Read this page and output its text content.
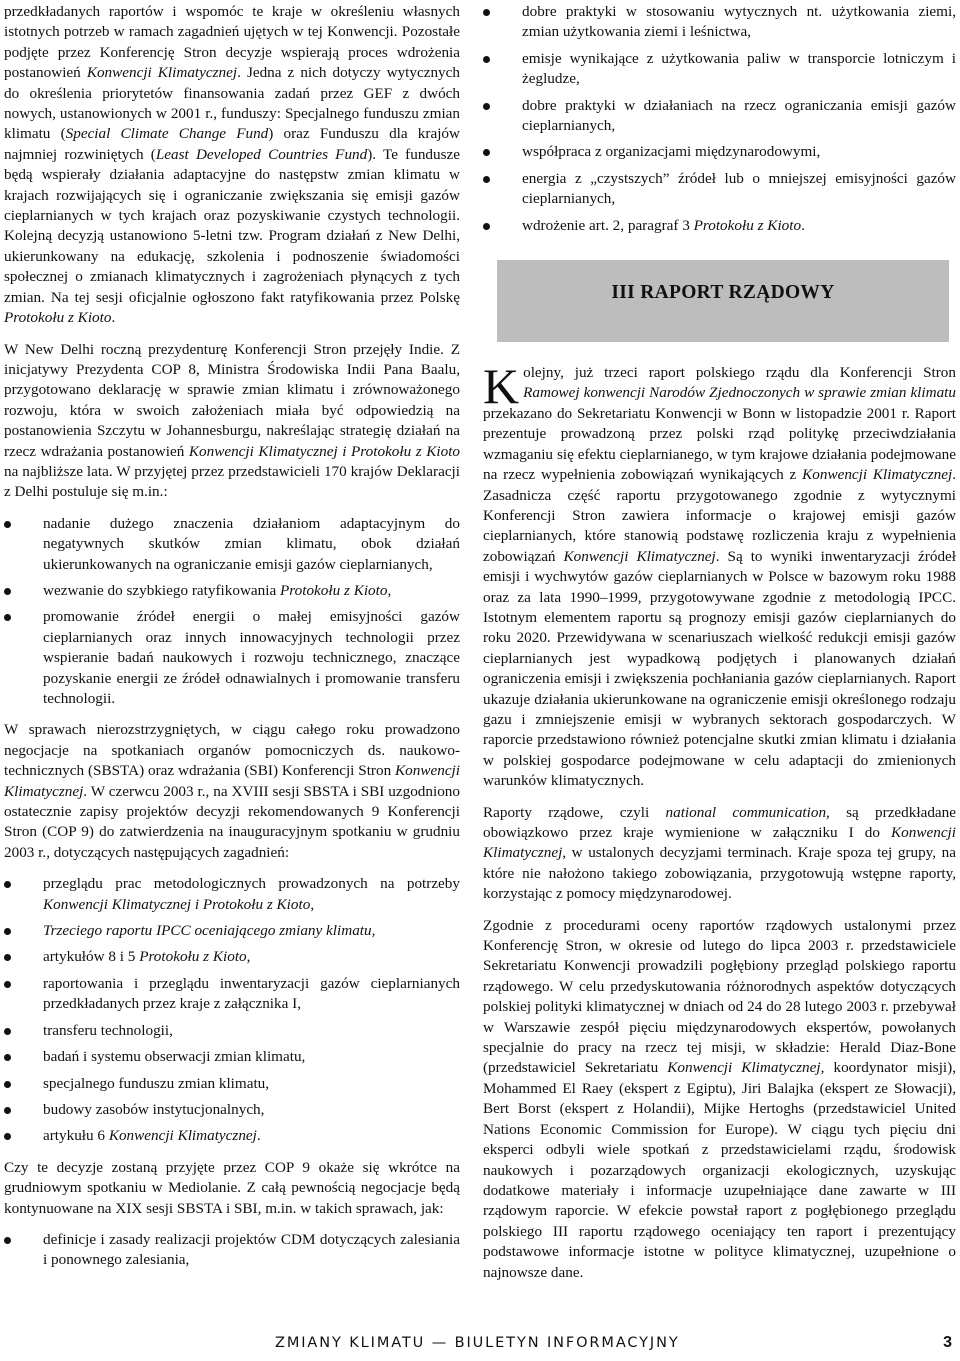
przedkładanych raportów i wspomóc te kraje w określeniu własnych istotnych potrzeb w ramach zagadnień ujętych w tej Konwencji. Pozostałe podjęte przez Konferencję Stron decyzje wspierają proces wdrożenia postanowień Konwencji Klimatycznej. Jedna z nich dotyczy wytycznych do określenia priorytetów finansowania zadań przez GEF z dwóch nowych, ustanowionych w 2001 r., funduszy: Specjalnego funduszu zmian klimatu (Special Climate Change Fund) oraz Funduszu dla krajów najmniej rozwiniętych (Least Developed Countries Fund). Te fundusze będą wspierały działania adaptacyjne do następstw zmian klimatu w krajach rozwijających się i ograniczanie zwiększania się emisji gazów cieplarnianych w tych krajach oraz pozyskiwanie czystych technologii. Kolejną decyzją ustanowiono 5-letni tzw. Program działań z New Delhi, ukierunkowany na edukację, szkolenia i podnoszenie świadomości społecznej o zmianach klimatycznych i zagrożeniach płynących z tych zmian. Na tej sesji oficjalnie ogłoszono fakt ratyfikowania przez Polskę Protokołu z Kioto.

W New Delhi roczną prezydenturę Konferencji Stron przejęły Indie. Z inicjatywy Prezydenta COP 8, Ministra Środowiska Indii Pana Baalu, przygotowano deklarację w sprawie zmian klimatu i zrównoważonego rozwoju, która w swoich założeniach miała być odpowiedzią na postanowienia Szczytu w Johannesburgu, nakreślając strategię działań na rzecz wdrażania postanowień Konwencji Klimatycznej i Protokołu z Kioto na najbliższe lata. W przyjętej przez przedstawicieli 170 krajów Deklaracji z Delhi postuluje się m.in.:

nadanie dużego znaczenia działaniom adaptacyjnym do negatywnych skutków zmian klimatu, obok działań ukierunkowanych na ograniczanie emisji gazów cieplarnianych,
wezwanie do szybkiego ratyfikowania Protokołu z Kioto,
promowanie źródeł energii o małej emisyjności gazów cieplarnianych oraz innych innowacyjnych technologii przez wspieranie badań naukowych i rozwoju technicznego, znaczące pozyskanie energii ze źródeł odnawialnych i promowanie transferu technologii.

W sprawach nierozstrzygniętych, w ciągu całego roku prowadzono negocjacje na spotkaniach organów pomocniczych ds. naukowo-technicznych (SBSTA) oraz wdrażania (SBI) Konferencji Stron Konwencji Klimatycznej. W czerwcu 2003 r., na XVIII sesji SBSTA i SBI uzgodniono ostatecznie zapisy projektów decyzji rekomendowanych 9 Konferencji Stron (COP 9) do zatwierdzenia na inauguracyjnym spotkaniu w grudniu 2003 r., dotyczących następujących zagadnień:

przeglądu prac metodologicznych prowadzonych na potrzeby Konwencji Klimatycznej i Protokołu z Kioto,
Trzeciego raportu IPCC oceniającego zmiany klimatu,
artykułów 8 i 5 Protokołu z Kioto,
raportowania i przeglądu inwentaryzacji gazów cieplarnianych przedkładanych przez kraje z załącznika I,
transferu technologii,
badań i systemu obserwacji zmian klimatu,
specjalnego funduszu zmian klimatu,
budowy zasobów instytucjonalnych,
artykułu 6 Konwencji Klimatycznej.

Czy te decyzje zostaną przyjęte przez COP 9 okaże się wkrótce na grudniowym spotkaniu w Mediolanie. Z całą pewnością negocjacje będą kontynuowane na XIX sesji SBSTA i SBI, m.in. w takich sprawach, jak:

definicje i zasady realizacji projektów CDM dotyczących zalesiania i ponownego zalesiania,
dobre praktyki w stosowaniu wytycznych nt. użytkowania ziemi, zmian użytkowania ziemi i leśnictwa,
emisje wynikające z użytkowania paliw w transporcie lotniczym i żegludze,
dobre praktyki w działaniach na rzecz ograniczania emisji gazów cieplarnianych,
współpraca z organizacjami międzynarodowymi,
energia z „czystszych” źródeł lub o mniejszej emisyjności gazów cieplarnianych,
wdrożenie art. 2, paragraf 3 Protokołu z Kioto.
III RAPORT RZĄDOWY

Kolejny, już trzeci raport polskiego rządu dla Konferencji Stron Ramowej konwencji Narodów Zjednoczonych w sprawie zmian klimatu przekazano do Sekretariatu Konwencji w Bonn w listopadzie 2001 r. Raport prezentuje prowadzoną przez polski rząd politykę przeciwdziałania wzmaganiu się efektu cieplarnianego, w tym krajowe działania podejmowane na rzecz wypełnienia zobowiązań wynikających z Konwencji Klimatycznej. Zasadnicza część raportu przygotowanego zgodnie z wytycznymi Konferencji Stron zawiera informacje o krajowej emisji gazów cieplarnianych, które stanowią podstawę rozliczenia kraju z wypełnienia zobowiązań Konwencji Klimatycznej. Są to wyniki inwentaryzacji źródeł emisji i wychwytów gazów cieplarnianych w Polsce w bazowym roku 1988 oraz za lata 1990–1999, przygotowywane zgodnie z metodologią IPCC. Istotnym elementem raportu są prognozy emisji gazów cieplarnianych do roku 2020. Przewidywana w scenariuszach wielkość redukcji emisji gazów cieplarnianych jest wypadkową podjętych i planowanych działań ograniczenia emisji i zwiększenia pochłaniania gazów cieplarnianych. Raport ukazuje działania ukierunkowane na ograniczenie emisji określonego rodzaju gazu i zmniejszenie emisji w wybranych sektorach gospodarczych. W raporcie przedstawiono również potencjalne skutki zmian klimatu i działania w polskiej gospodarce podejmowane w celu adaptacji do zmienionych warunków klimatycznych.

Raporty rządowe, czyli national communication, są przedkładane obowiązkowo przez kraje wymienione w załączniku I do Konwencji Klimatycznej, w ustalonych decyzjami terminach. Kraje spoza tej grupy, na które nie nałożono takiego zobowiązania, przygotowują wstępne raporty, korzystając z pomocy międzynarodowej.

Zgodnie z procedurami oceny raportów rządowych ustalonymi przez Konferencję Stron, w okresie od lutego do lipca 2003 r. przedstawiciele Sekretariatu Konwencji prowadzili pogłębiony przegląd polskiego raportu rządowego. W celu przedyskutowania różnorodnych aspektów dotyczących polskiej polityki klimatycznej w dniach od 24 do 28 lutego 2003 r. przebywał w Warszawie zespół pięciu międzynarodowych ekspertów, powołanych specjalnie do pracy na rzecz tej misji, w składzie: Herald Diaz-Bone (przedstawiciel Sekretariatu Konwencji Klimatycznej, koordynator misji), Mohammed El Raey (ekspert z Egiptu), Jiri Balajka (ekspert ze Słowacji), Bert Borst (ekspert z Holandii), Mijke Hertoghs (przedstawiciel United Nations Economic Commission for Europe). W ciągu tych pięciu dni eksperci odbyli wiele spotkań z przedstawicielami rządu, środowisk naukowych i pozarządowych organizacji ekologicznych, uzyskując dodatkowe materiały i informacje uzupełniające dane zawarte w III rządowym raporcie. W efekcie powstał raport z pogłębionego przeglądu polskiego III raportu rządowego oceniający ten raport i prezentujący podstawowe informacje istotne w polityce klimatycznej, uzupełnione o najnowsze dane.

ZMIANY KLIMATU — BIULETYN INFORMACYJNY	3
